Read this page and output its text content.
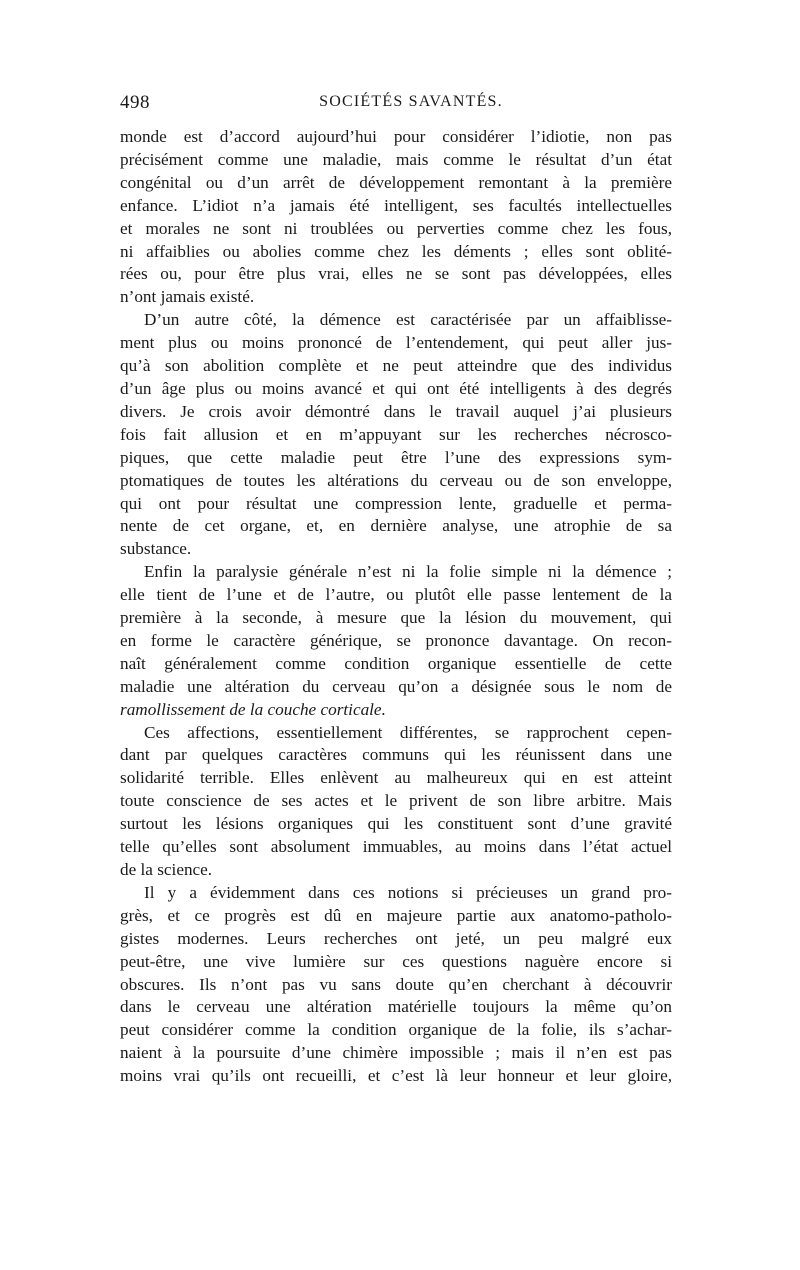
498	SOCIÉTÉS SAVANTÉS.

monde est d’accord aujourd’hui pour considérer l’idiotie, non pas
précisément comme une maladie, mais comme le résultat d’un état
congénital ou d’un arrêt de développement remontant à la première
enfance. L’idiot n’a jamais été intelligent, ses facultés intellectuelles
et morales ne sont ni troublées ou perverties comme chez les fous,
ni affaiblies ou abolies comme chez les déments ; elles sont oblité-
rées ou, pour être plus vrai, elles ne se sont pas développées, elles
n’ont jamais existé.

D’un autre côté, la démence est caractérisée par un affaiblisse-
ment plus ou moins prononcé de l’entendement, qui peut aller jus-
qu’à son abolition complète et ne peut atteindre que des individus
d’un âge plus ou moins avancé et qui ont été intelligents à des degrés
divers. Je crois avoir démontré dans le travail auquel j’ai plusieurs
fois fait allusion et en m’appuyant sur les recherches nécrosco-
piques, que cette maladie peut être l’une des expressions sym-
ptomatiques de toutes les altérations du cerveau ou de son enveloppe,
qui ont pour résultat une compression lente, graduelle et perma-
nente de cet organe, et, en dernière analyse, une atrophie de sa
substance.

Enfin la paralysie générale n’est ni la folie simple ni la démence ;
elle tient de l’une et de l’autre, ou plutôt elle passe lentement de la
première à la seconde, à mesure que la lésion du mouvement, qui
en forme le caractère générique, se prononce davantage. On recon-
naît généralement comme condition organique essentielle de cette
maladie une altération du cerveau qu’on a désignée sous le nom de
ramollissement de la couche corticale.

Ces affections, essentiellement différentes, se rapprochent cepen-
dant par quelques caractères communs qui les réunissent dans une
solidarité terrible. Elles enlèvent au malheureux qui en est atteint
toute conscience de ses actes et le privent de son libre arbitre. Mais
surtout les lésions organiques qui les constituent sont d’une gravité
telle qu’elles sont absolument immuables, au moins dans l’état actuel
de la science.

Il y a évidemment dans ces notions si précieuses un grand pro-
grès, et ce progrès est dû en majeure partie aux anatomo-patholo-
gistes modernes. Leurs recherches ont jeté, un peu malgré eux
peut-être, une vive lumière sur ces questions naguère encore si
obscures. Ils n’ont pas vu sans doute qu’en cherchant à découvrir
dans le cerveau une altération matérielle toujours la même qu’on
peut considérer comme la condition organique de la folie, ils s’achar-
naient à la poursuite d’une chimère impossible ; mais il n’en est pas
moins vrai qu’ils ont recueilli, et c’est là leur honneur et leur gloire,
